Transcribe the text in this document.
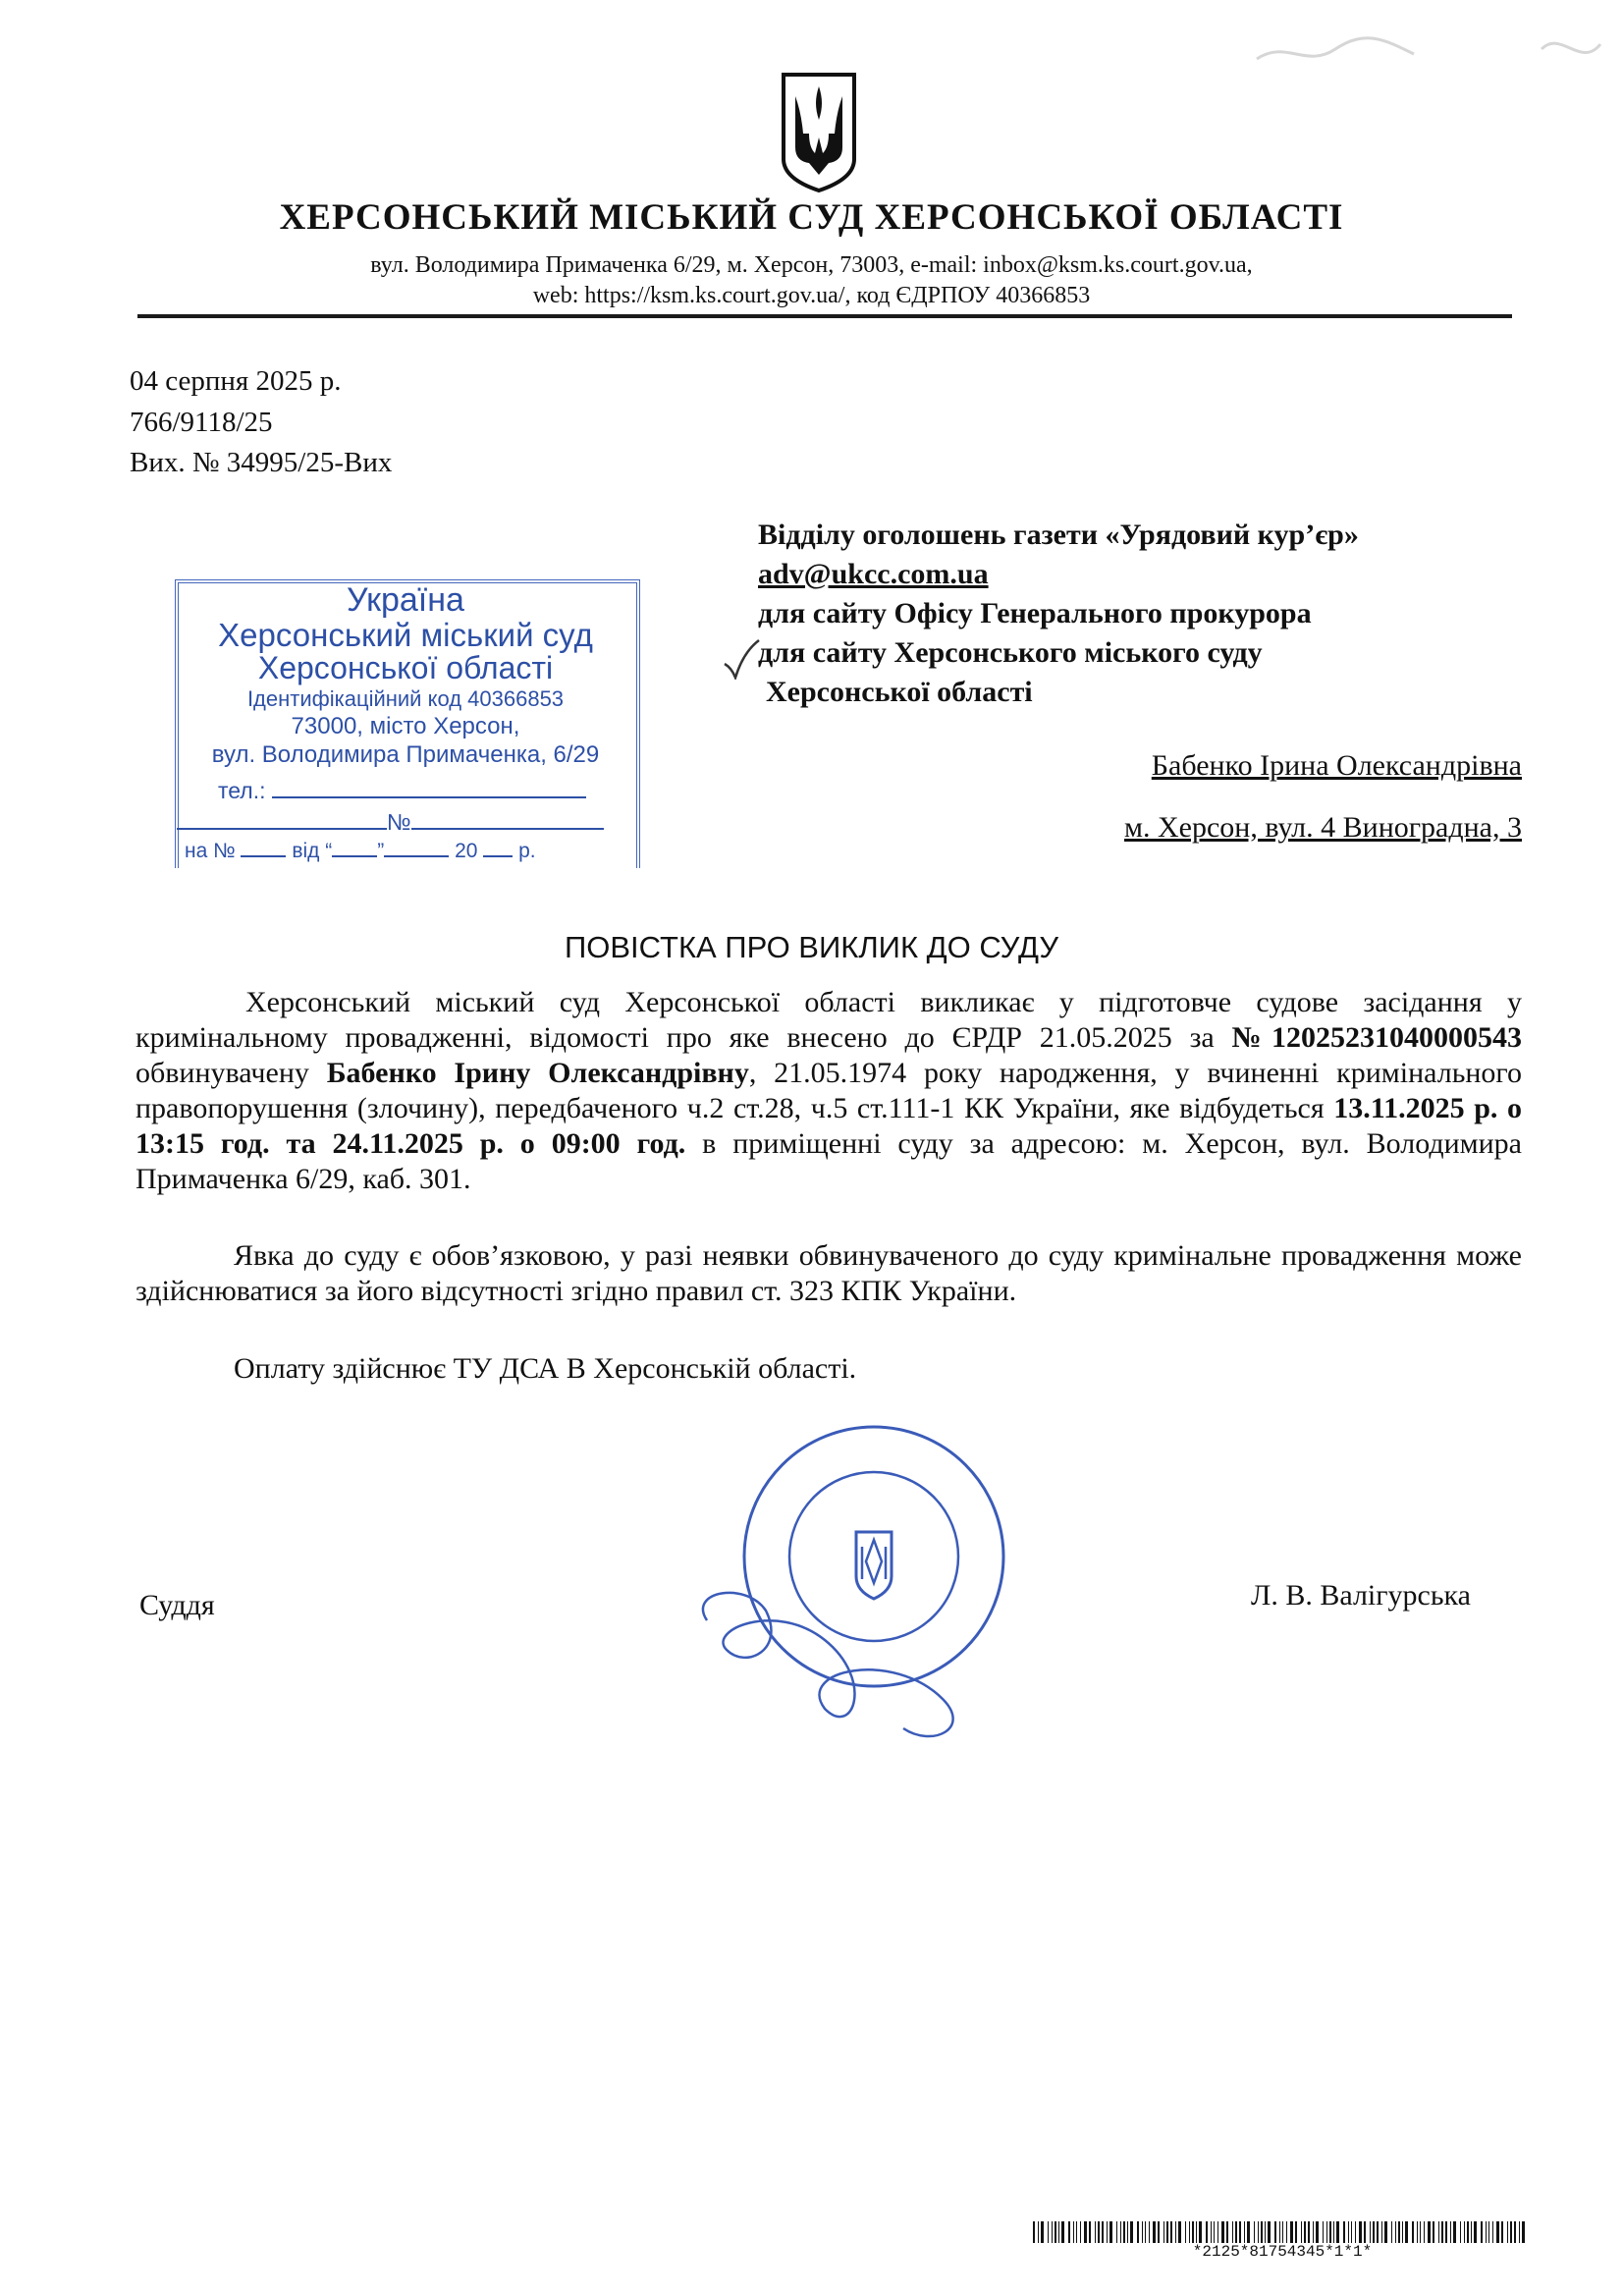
ХЕРСОНСЬКИЙ МІСЬКИЙ СУД ХЕРСОНСЬКОЇ ОБЛАСТІ
вул. Володимира Примаченка 6/29, м. Херсон, 73003, e-mail: inbox@ksm.ks.court.gov.ua,
web: https://ksm.ks.court.gov.ua/, код ЄДРПОУ 40366853
04 серпня 2025 р.
766/9118/25
Вих. № 34995/25-Вих
Відділу оголошень газети «Урядовий кур’єр»
adv@ukcc.com.ua
для сайту Офісу Генерального прокурора
для сайту Херсонського міського суду
Херсонської області
Бабенко Ірина Олександрівна
м. Херсон, вул. 4 Виноградна, 3
Україна
Херсонський міський суд
Херсонської області
Ідентифікаційний код 40366853
73000, місто Херсон,
вул. Володимира Примаченка, 6/29
тел.:
№
на №	від “ ”	20 р.
ПОВІСТКА ПРО ВИКЛИК ДО СУДУ
Херсонський міський суд Херсонської області викликає у підготовче судове засідання у кримінальному провадженні, відомості про яке внесено до ЄРДР 21.05.2025 за №12025231040000543 обвинувачену Бабенко Ірину Олександрівну, 21.05.1974 року народження, у вчиненні кримінального правопорушення (злочину), передбаченого ч.2 ст.28, ч.5 ст.111-1 КК України, яке відбудеться 13.11.2025 р. о 13:15 год. та 24.11.2025 р. о 09:00 год. в приміщенні суду за адресою: м. Херсон, вул. Володимира Примаченка 6/29, каб. 301.
Явка до суду є обов’язковою, у разі неявки обвинуваченого до суду кримінальне провадження може здійснюватися за його відсутності згідно правил ст. 323 КПК України.
Оплату здійснює ТУ ДСА В Херсонській області.
Суддя	Л. В. Валігурська
*2125*81754345*1*1*
